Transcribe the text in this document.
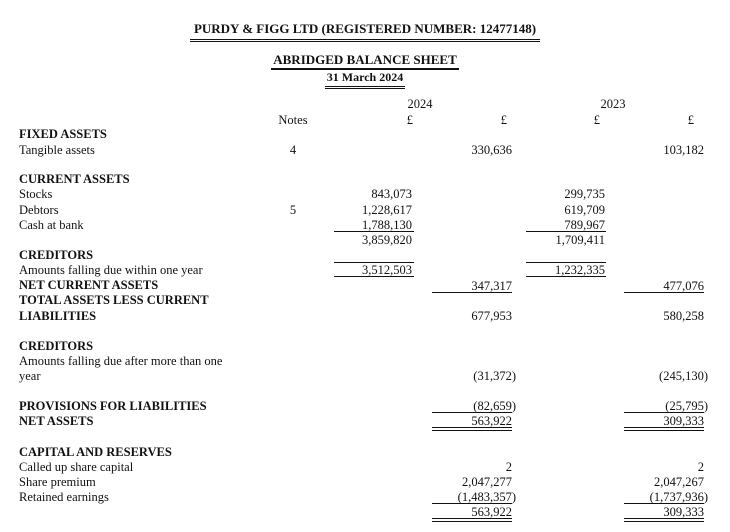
PURDY & FIGG LTD (REGISTERED NUMBER: 12477148)
ABRIDGED BALANCE SHEET
31 March 2024
2024	2023
Notes	£	£	£	£
FIXED ASSETS
Tangible assets	4	330,636	103,182
CURRENT ASSETS
Stocks	843,073	299,735
Debtors	5	1,228,617	619,709
Cash at bank	1,788,130	789,967
3,859,820	1,709,411
CREDITORS
Amounts falling due within one year	3,512,503	1,232,335
NET CURRENT ASSETS	347,317	477,076
TOTAL ASSETS LESS CURRENT
LIABILITIES	677,953	580,258
CREDITORS
Amounts falling due after more than one
year	(31,372)	(245,130)
PROVISIONS FOR LIABILITIES	(82,659)	(25,795)
NET ASSETS	563,922	309,333
CAPITAL AND RESERVES
Called up share capital	2	2
Share premium	2,047,277	2,047,267
Retained earnings	(1,483,357)	(1,737,936)
563,922	309,333
